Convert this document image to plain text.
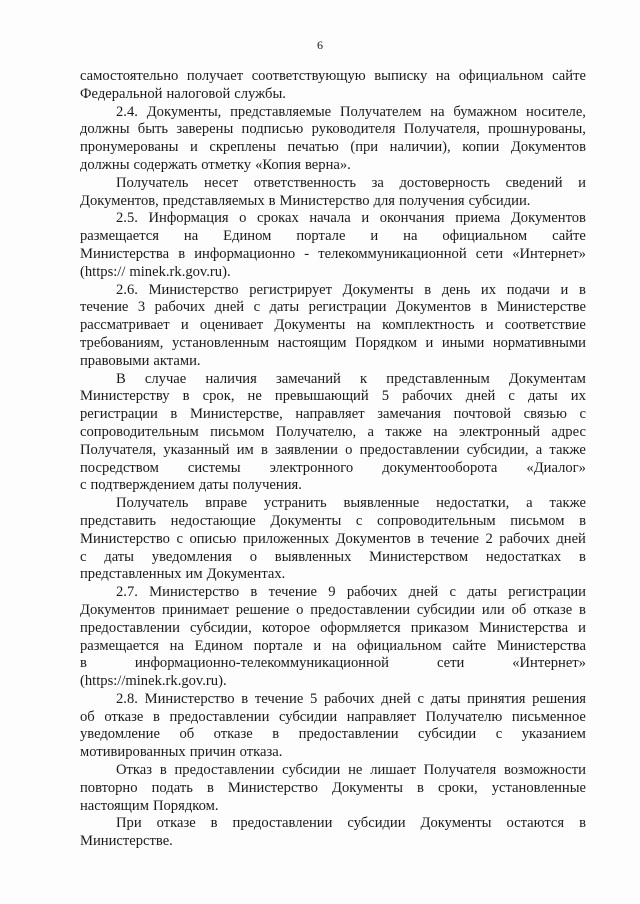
6
самостоятельно получает соответствующую выписку на официальном сайте
Федеральной налоговой службы.
2.4. Документы, представляемые Получателем на бумажном носителе,
должны быть заверены подписью руководителя Получателя, прошнурованы,
пронумерованы и скреплены печатью (при наличии), копии Документов
должны содержать отметку «Копия верна».
Получатель несет ответственность за достоверность сведений и
Документов, представляемых в Министерство для получения субсидии.
2.5. Информация о сроках начала и окончания приема Документов
размещается на Едином портале и на официальном сайте
Министерства в информационно - телекоммуникационной сети «Интернет»
(https:// minek.rk.gov.ru).
2.6. Министерство регистрирует Документы в день их подачи и в
течение 3 рабочих дней с даты регистрации Документов в Министерстве
рассматривает и оценивает Документы на комплектность и соответствие
требованиям, установленным настоящим Порядком и иными нормативными
правовыми актами.
В случае наличия замечаний к представленным Документам
Министерству в срок, не превышающий 5 рабочих дней с даты их
регистрации в Министерстве, направляет замечания почтовой связью с
сопроводительным письмом Получателю, а также на электронный адрес
Получателя, указанный им в заявлении о предоставлении субсидии, а также
посредством системы электронного документооборота «Диалог»
с подтверждением даты получения.
Получатель вправе устранить выявленные недостатки, а также
представить недостающие Документы с сопроводительным письмом в
Министерство с описью приложенных Документов в течение 2 рабочих дней
с даты уведомления о выявленных Министерством недостатках в
представленных им Документах.
2.7. Министерство в течение 9 рабочих дней с даты регистрации
Документов принимает решение о предоставлении субсидии или об отказе в
предоставлении субсидии, которое оформляется приказом Министерства и
размещается на Едином портале и на официальном сайте Министерства
в	информационно-телекоммуникационной	сети	«Интернет»
(https://minek.rk.gov.ru).
2.8. Министерство в течение 5 рабочих дней с даты принятия решения
об отказе в предоставлении субсидии направляет Получателю письменное
уведомление об отказе в предоставлении субсидии с указанием
мотивированных причин отказа.
Отказ в предоставлении субсидии не лишает Получателя возможности
повторно подать в Министерство Документы в сроки, установленные
настоящим Порядком.
При отказе в предоставлении субсидии Документы остаются в
Министерстве.
